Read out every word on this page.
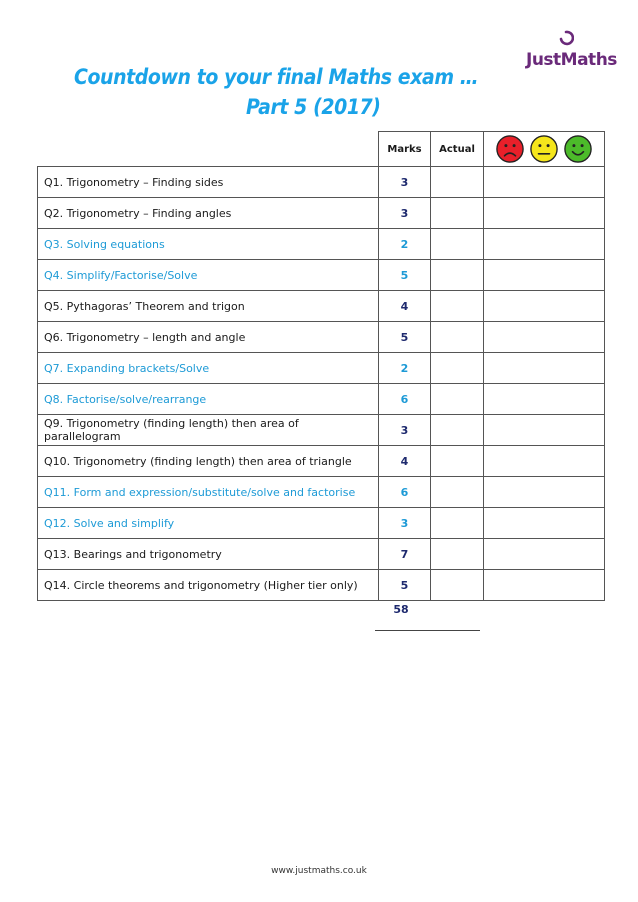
JustMaths
Countdown to your final Maths exam …
Part 5 (2017)
	Marks	Actual	

Q1. Trigonometry – Finding sides	3		
Q2. Trigonometry – Finding angles	3		
Q3. Solving equations	2		
Q4. Simplify/Factorise/Solve	5		
Q5. Pythagoras’ Theorem and trigon	4		
Q6. Trigonometry – length and angle	5		
Q7. Expanding brackets/Solve	2		
Q8. Factorise/solve/rearrange	6		
Q9. Trigonometry (finding length) then area of parallelogram	3		
Q10. Trigonometry (finding length) then area of triangle	4		
Q11. Form and expression/substitute/solve and factorise	6		
Q12. Solve and simplify	3		
Q13. Bearings and trigonometry	7		
Q14. Circle theorems and trigonometry (Higher tier only)	5		
58
www.justmaths.co.uk
